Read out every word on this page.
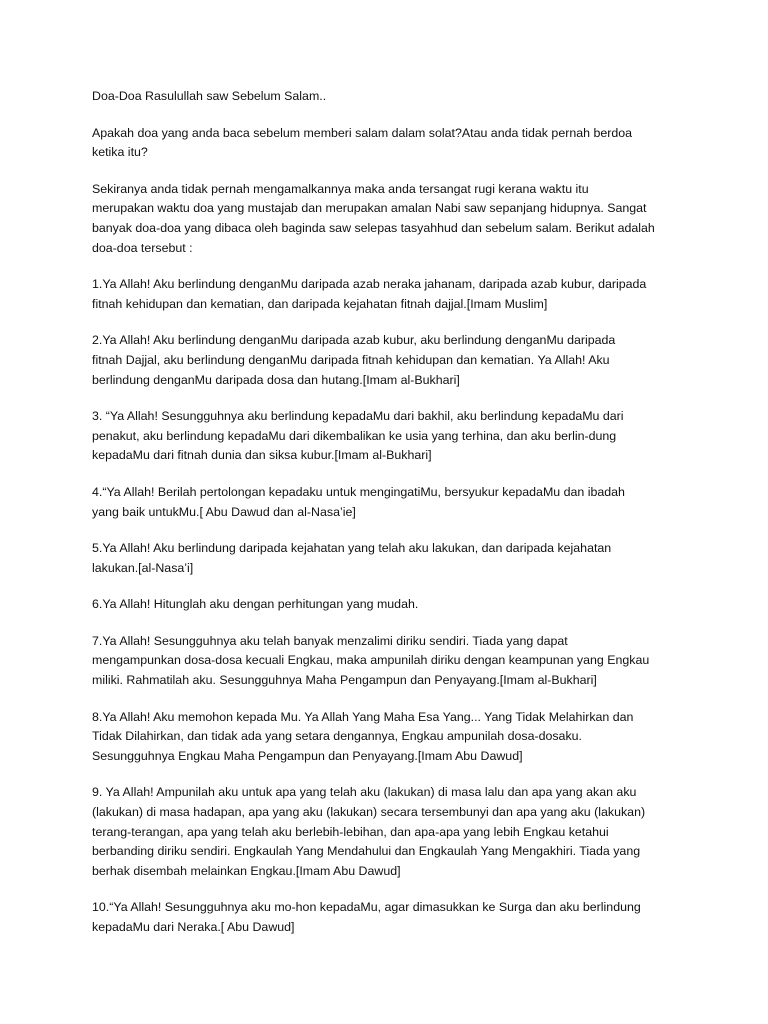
Doa-Doa Rasulullah saw Sebelum Salam..

Apakah doa yang anda baca sebelum memberi salam dalam solat?Atau anda tidak pernah berdoa
ketika itu?

Sekiranya anda tidak pernah mengamalkannya maka anda tersangat rugi kerana waktu itu
merupakan waktu doa yang mustajab dan merupakan amalan Nabi saw sepanjang hidupnya. Sangat
banyak doa-doa yang dibaca oleh baginda saw selepas tasyahhud dan sebelum salam. Berikut adalah
doa-doa tersebut :

1.Ya Allah! Aku berlindung denganMu daripada azab neraka jahanam, daripada azab kubur, daripada
fitnah kehidupan dan kematian, dan daripada kejahatan fitnah dajjal.[Imam Muslim]

2.Ya Allah! Aku berlindung denganMu daripada azab kubur, aku berlindung denganMu daripada
fitnah Dajjal, aku berlindung denganMu daripada fitnah kehidupan dan kematian. Ya Allah! Aku
berlindung denganMu daripada dosa dan hutang.[Imam al-Bukhari]

3. “Ya Allah! Sesungguhnya aku berlindung kepadaMu dari bakhil, aku berlindung kepadaMu dari
penakut, aku berlindung kepadaMu dari dikembalikan ke usia yang terhina, dan aku berlin-dung
kepadaMu dari fitnah dunia dan siksa kubur.[Imam al-Bukhari]

4.“Ya Allah! Berilah pertolongan kepadaku untuk mengingatiMu, bersyukur kepadaMu dan ibadah
yang baik untukMu.[ Abu Dawud dan al-Nasa’ie]

5.Ya Allah! Aku berlindung daripada kejahatan yang telah aku lakukan, dan daripada kejahatan
lakukan.[al-Nasa’i]

6.Ya Allah! Hitunglah aku dengan perhitungan yang mudah.

7.Ya Allah! Sesungguhnya aku telah banyak menzalimi diriku sendiri. Tiada yang dapat
mengampunkan dosa-dosa kecuali Engkau, maka ampunilah diriku dengan keampunan yang Engkau
miliki. Rahmatilah aku. Sesungguhnya Maha Pengampun dan Penyayang.[Imam al-Bukhari]

8.Ya Allah! Aku memohon kepada Mu. Ya Allah Yang Maha Esa Yang... Yang Tidak Melahirkan dan
Tidak Dilahirkan, dan tidak ada yang setara dengannya, Engkau ampunilah dosa-dosaku.
Sesungguhnya Engkau Maha Pengampun dan Penyayang.[Imam Abu Dawud]

9. Ya Allah! Ampunilah aku untuk apa yang telah aku (lakukan) di masa lalu dan apa yang akan aku
(lakukan) di masa hadapan, apa yang aku (lakukan) secara tersembunyi dan apa yang aku (lakukan)
terang-terangan, apa yang telah aku berlebih-lebihan, dan apa-apa yang lebih Engkau ketahui
berbanding diriku sendiri. Engkaulah Yang Mendahului dan Engkaulah Yang Mengakhiri. Tiada yang
berhak disembah melainkan Engkau.[Imam Abu Dawud]

10.“Ya Allah! Sesungguhnya aku mo-hon kepadaMu, agar dimasukkan ke Surga dan aku berlindung
kepadaMu dari Neraka.[ Abu Dawud]
